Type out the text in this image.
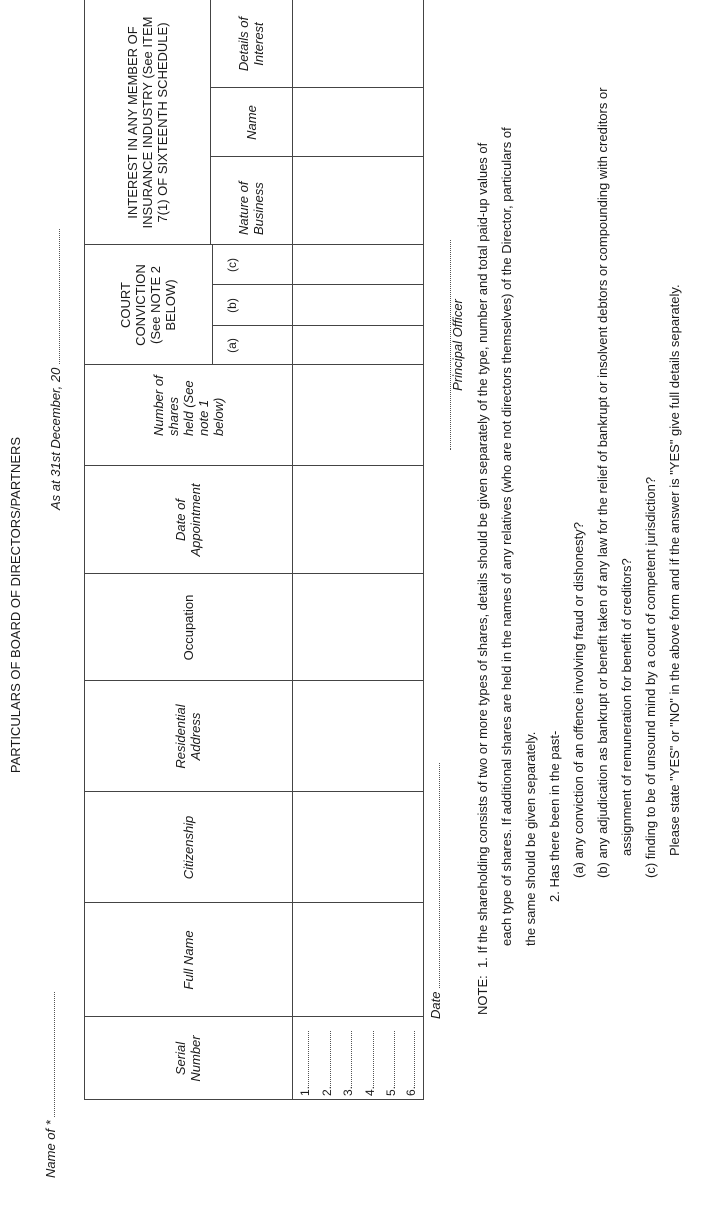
PARTICULARS OF BOARD OF DIRECTORS/PARTNERS
Name of *
As at 31st December, 20
Serial Number
Full Name
Citizenship
Residential Address
Occupation
Date of Appointment
Number of shares held (See note 1 below)
COURT CONVICTION (See NOTE 2 BELOW)
(a)
(b)
(c)
INTEREST IN ANY MEMBER OF INSURANCE INDUSTRY (See ITEM 7(1) OF SIXTEENTH SCHEDULE)	Nature of Business
Name
Details of Interest
1. 2. 3. 4. 5. 6.
Date
Principal Officer
NOTE:
1. If the shareholding consists of two or more types of shares, details should be given separately of the type, number and total paid-up values of each type of shares. If additional shares are held in the names of any relatives (who are not directors themselves) of the Director, particulars of the same should be given separately. 2. Has there been in the past- (a) any conviction of an offence involving fraud or dishonesty? (b) any adjudication as bankrupt or benefit taken of any law for the relief of bankrupt or insolvent debtors or compounding with creditors or assignment of remuneration for benefit of creditors? (c) finding to be of unsound mind by a court of competent jurisdiction? Please state "YES" or "NO" in the above form and if the answer is "YES" give full details separately.
